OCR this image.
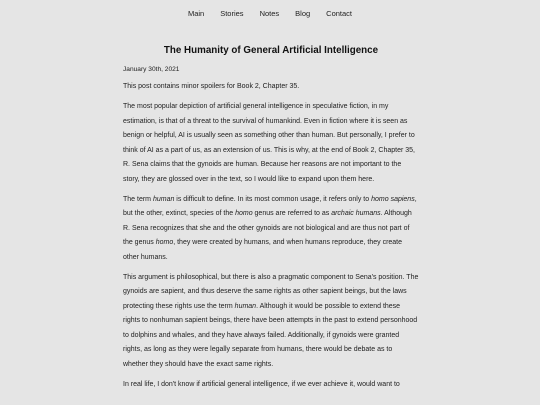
Main Stories Notes Blog Contact
The Humanity of General Artificial Intelligence
January 30th, 2021

This post contains minor spoilers for Book 2, Chapter 35.

The most popular depiction of artificial general intelligence in speculative fiction, in my estimation, is that of a threat to the survival of humankind. Even in fiction where it is seen as benign or helpful, AI is usually seen as something other than human. But personally, I prefer to think of AI as a part of us, as an extension of us. This is why, at the end of Book 2, Chapter 35, R. Sena claims that the gynoids are human. Because her reasons are not important to the story, they are glossed over in the text, so I would like to expand upon them here.

The term human is difficult to define. In its most common usage, it refers only to homo sapiens, but the other, extinct, species of the homo genus are referred to as archaic humans. Although R. Sena recognizes that she and the other gynoids are not biological and are thus not part of the genus homo, they were created by humans, and when humans reproduce, they create other humans.

This argument is philosophical, but there is also a pragmatic component to Sena's position. The gynoids are sapient, and thus deserve the same rights as other sapient beings, but the laws protecting these rights use the term human. Although it would be possible to extend these rights to nonhuman sapient beings, there have been attempts in the past to extend personhood to dolphins and whales, and they have always failed. Additionally, if gynoids were granted rights, as long as they were legally separate from humans, there would be debate as to whether they should have the exact same rights.

In real life, I don't know if artificial general intelligence, if we ever achieve it, would want to
